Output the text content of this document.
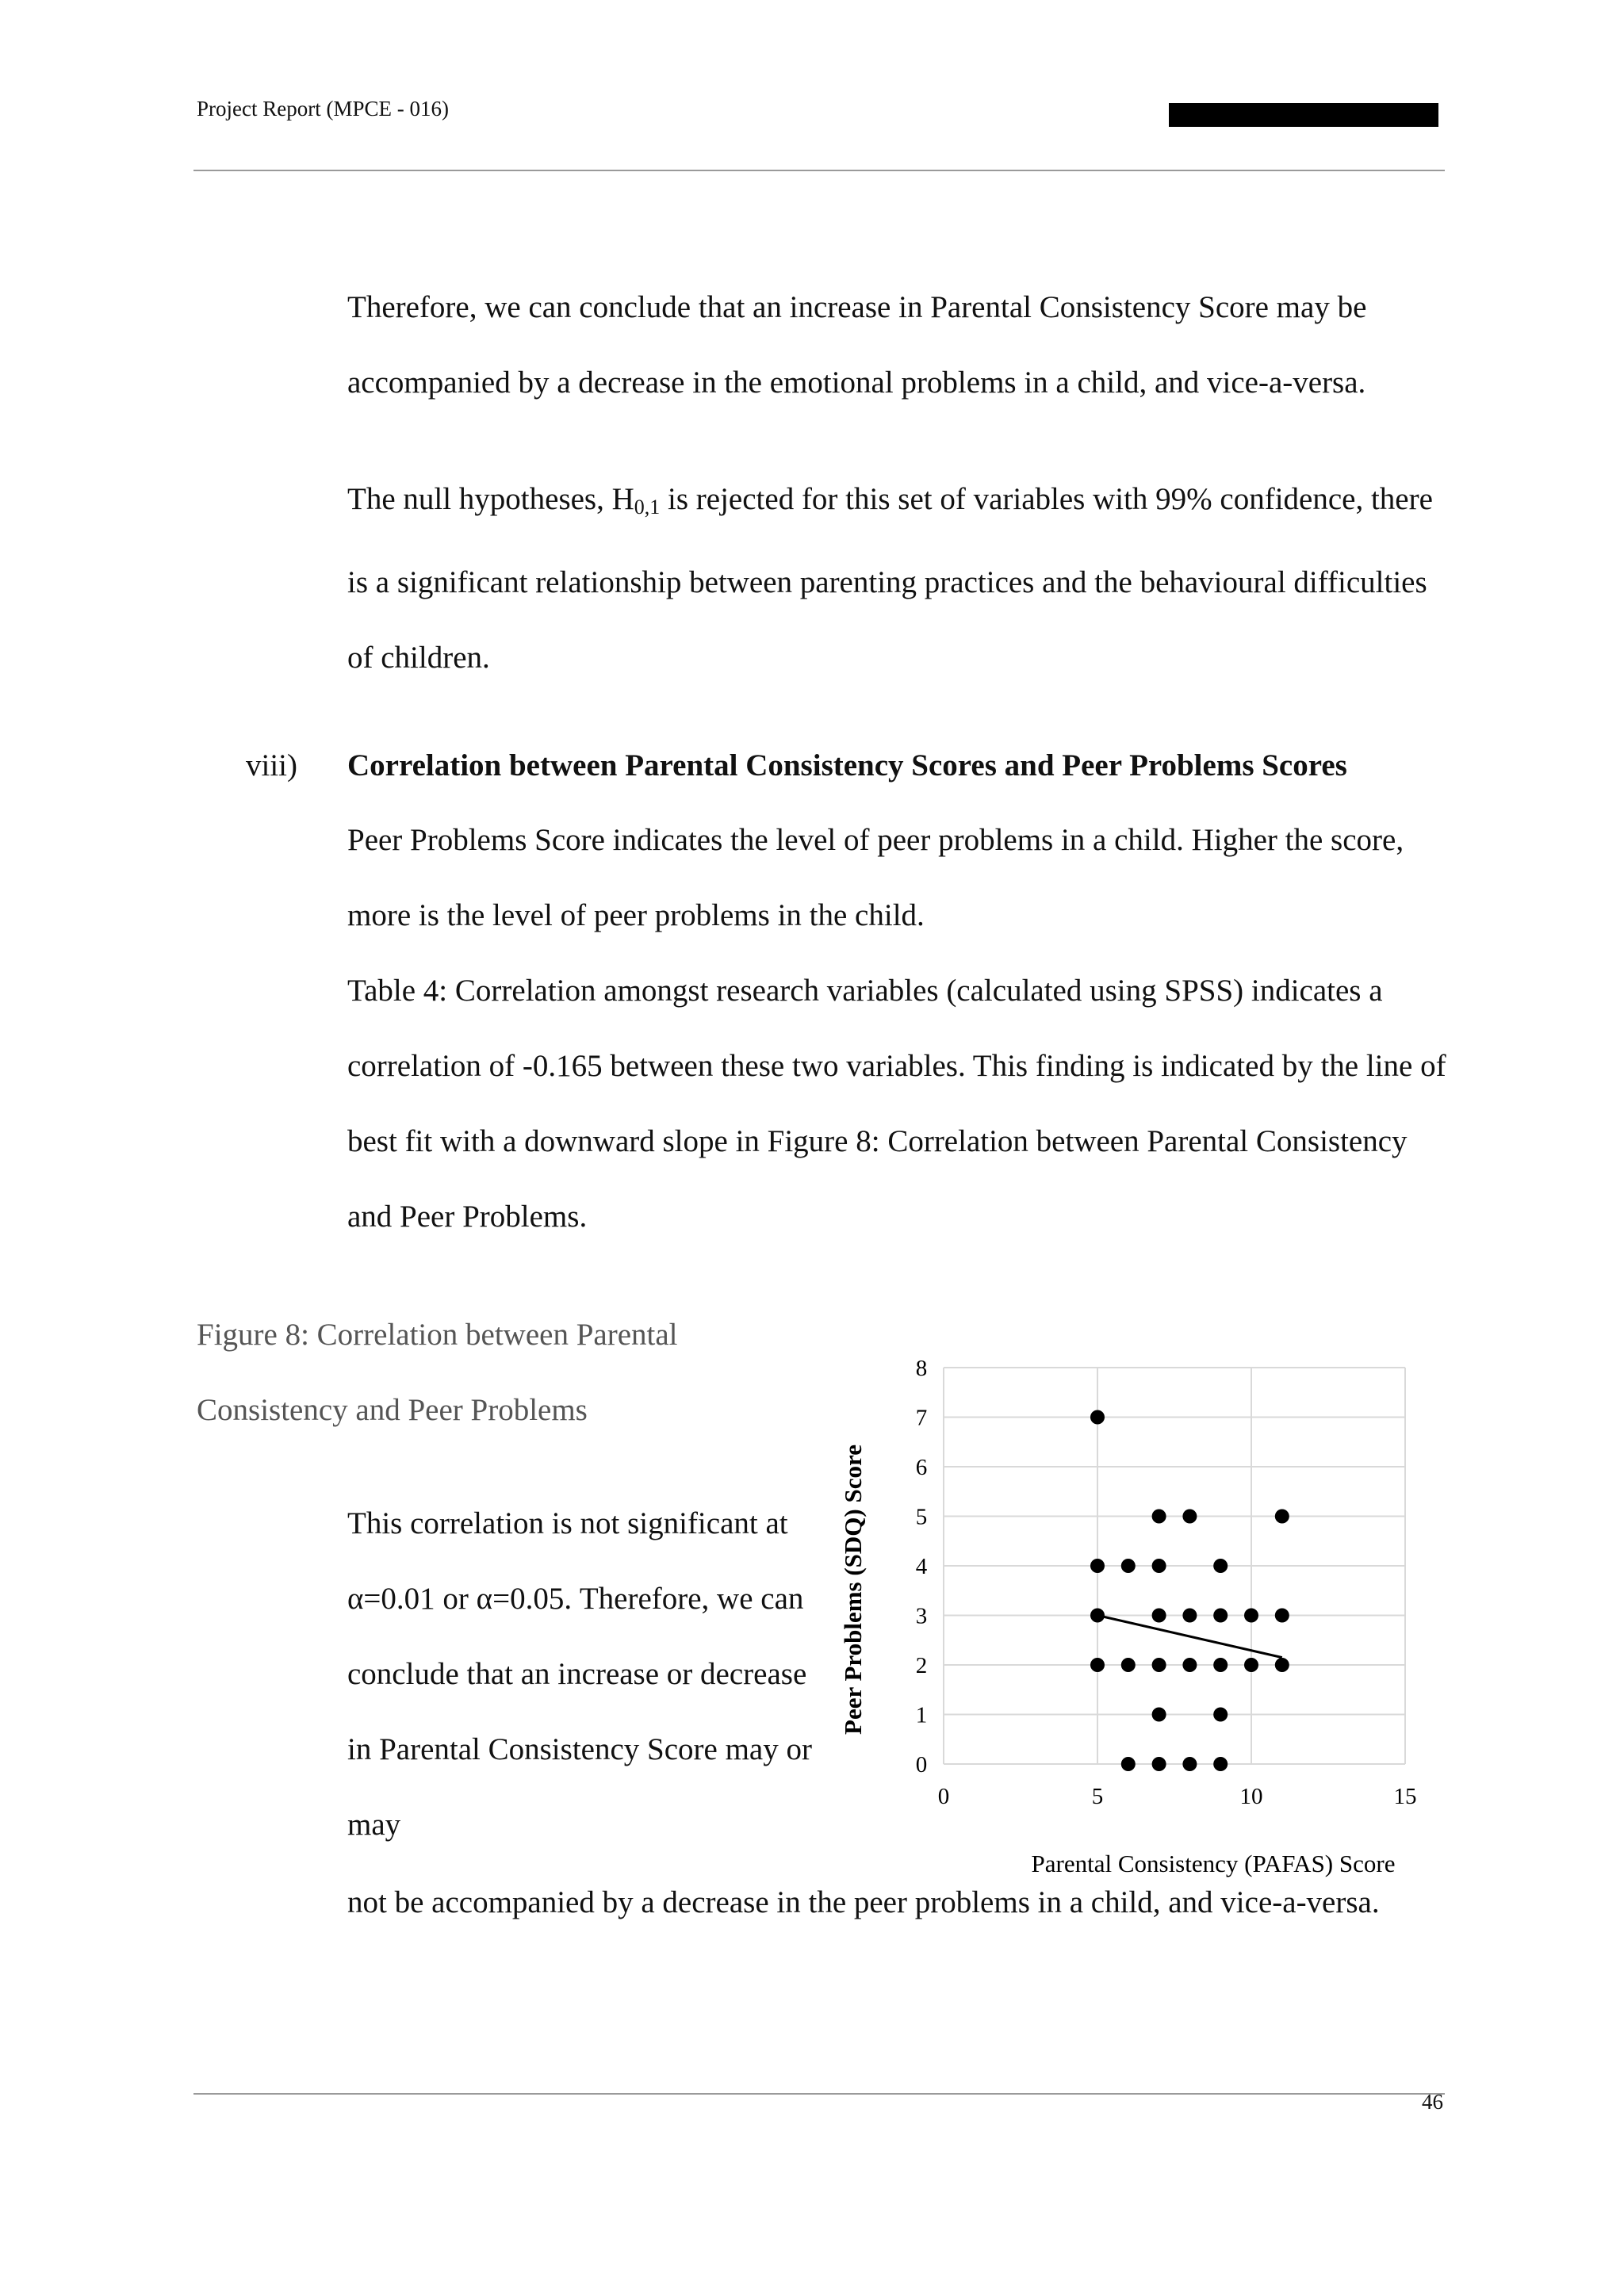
Project Report (MPCE - 016)

Therefore, we can conclude that an increase in Parental Consistency Score may be accompanied by a decrease in the emotional problems in a child, and vice-a-versa.

The null hypotheses, $H_{0,1}$ is rejected for this set of variables with 99% confidence, there is a significant relationship between parenting practices and the behavioural difficulties of children.

viii) Correlation between Parental Consistency Scores and Peer Problems Scores

Peer Problems Score indicates the level of peer problems in a child. Higher the score, more is the level of peer problems in the child.

Table 4: Correlation amongst research variables (calculated using SPSS) indicates a correlation of -0.165 between these two variables. This finding is indicated by the line of best fit with a downward slope in Figure 8: Correlation between Parental Consistency and Peer Problems.

Figure 8: Correlation between Parental Consistency and Peer Problems
This correlation is not significant at α=0.01 or α=0.05. Therefore, we can conclude that an increase or decrease in Parental Consistency Score may or may
not be accompanied by a decrease in the peer problems in a child, and vice-a-versa.
0
1
2
3
4
5
6
7
8
0	5	10	15
Peer Problems (SDQ) Score
Parental Consistency (PAFAS) Score
46
